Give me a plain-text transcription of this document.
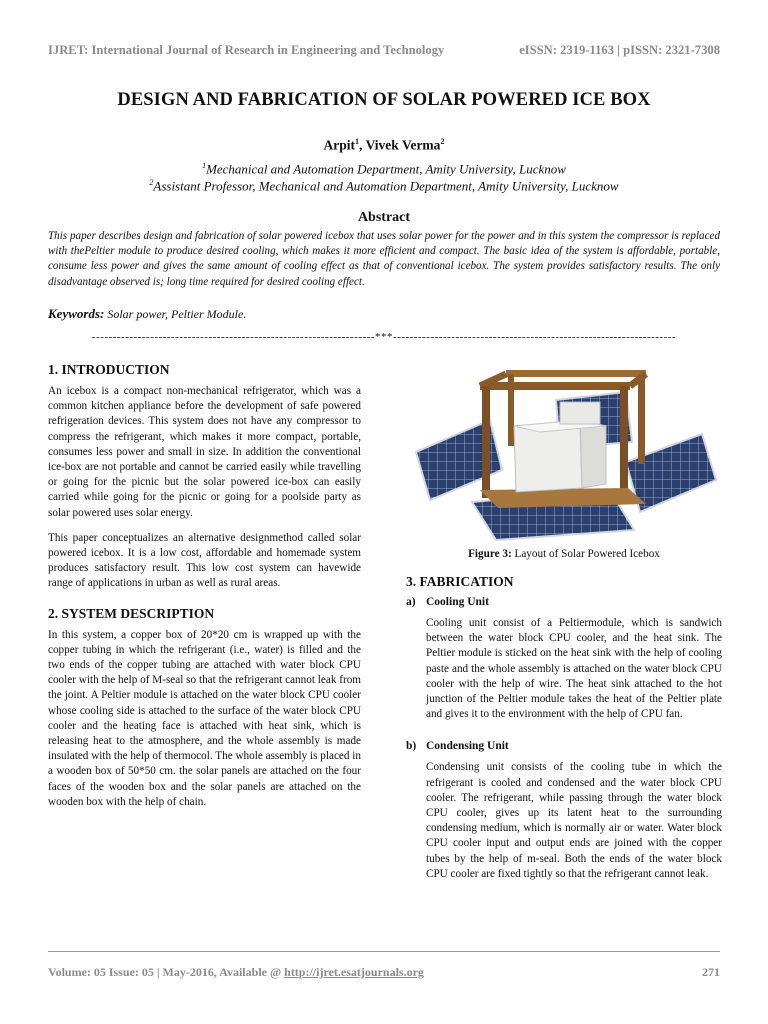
IJRET: International Journal of Research in Engineering and Technology	eISSN: 2319-1163 | pISSN: 2321-7308
DESIGN AND FABRICATION OF SOLAR POWERED ICE BOX
Arpit$^1$, Vivek Verma$^2$
$^1$Mechanical and Automation Department, Amity University, Lucknow
$^2$Assistant Professor, Mechanical and Automation Department, Amity University, Lucknow
Abstract

This paper describes design and fabrication of solar powered icebox that uses solar power for the power and in this system the compressor is replaced with thePeltier module to produce desired cooling, which makes it more efficient and compact. The basic idea of the system is affordable, portable, consume less power and gives the same amount of cooling effect as that of conventional icebox. The system provides satisfactory results. The only disadvantage observed is; long time required for desired cooling effect.

Keywords: Solar power, Peltier Module.
--------------------------------------------------------------------***--------------------------------------------------------------------
1. INTRODUCTION

An icebox is a compact non-mechanical refrigerator, which was a common kitchen appliance before the development of safe powered refrigeration devices. This system does not have any compressor to compress the refrigerant, which makes it more compact, portable, consumes less power and small in size. In addition the conventional ice-box are not portable and cannot be carried easily while travelling or going for the picnic but the solar powered ice-box can easily carried while going for the picnic or going for a poolside party as solar powered uses solar energy.

This paper conceptualizes an alternative designmethod called solar powered icebox. It is a low cost, affordable and homemade system produces satisfactory result. This low cost system can havewide range of applications in urban as well as rural areas.

2. SYSTEM DESCRIPTION

In this system, a copper box of 20*20 cm is wrapped up with the copper tubing in which the refrigerant (i.e., water) is filled and the two ends of the copper tubing are attached with water block CPU cooler with the help of M-seal so that the refrigerant cannot leak from the joint. A Peltier module is attached on the water block CPU cooler whose cooling side is attached to the surface of the water block CPU cooler and the heating face is attached with heat sink, which is releasing heat to the atmosphere, and the whole assembly is made insulated with the help of thermocol. The whole assembly is placed in a wooden box of 50*50 cm. the solar panels are attached on the four faces of the wooden box and the solar panels are attached on the wooden box with the help of chain.

Figure 3: Layout of Solar Powered Icebox
3. FABRICATION
a) Cooling Unit

Cooling unit consist of a Peltiermodule, which is sandwich between the water block CPU cooler, and the heat sink. The Peltier module is sticked on the heat sink with the help of cooling paste and the whole assembly is attached on the water block CPU cooler with the help of wire. The heat sink attached to the hot junction of the Peltier module takes the heat of the Peltier plate and gives it to the environment with the help of CPU fan.

b) Condensing Unit

Condensing unit consists of the cooling tube in which the refrigerant is cooled and condensed and the water block CPU cooler. The refrigerant, while passing through the water block CPU cooler, gives up its latent heat to the surrounding condensing medium, which is normally air or water. Water block CPU cooler input and output ends are joined with the copper tubes by the help of m-seal. Both the ends of the water block CPU cooler are fixed tightly so that the refrigerant cannot leak.

Volume: 05 Issue: 05 | May-2016, Available @ http://ijret.esatjournals.org	271
